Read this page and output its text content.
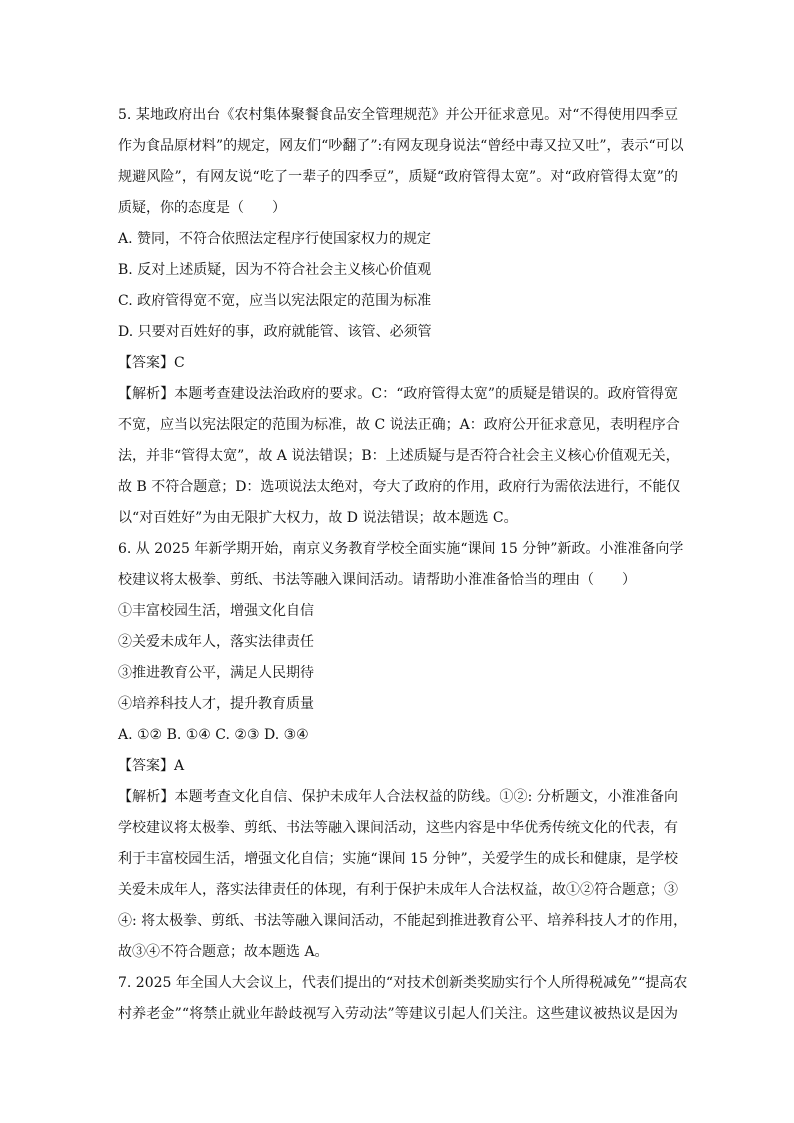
5. 某地政府出台《农村集体聚餐食品安全管理规范》并公开征求意见。对“不得使用四季豆
作为食品原材料”的规定，网友们“吵翻了”:有网友现身说法“曾经中毒又拉又吐”，表示“可以
规避风险”，有网友说“吃了一辈子的四季豆”，质疑“政府管得太宽”。对“政府管得太宽”的
质疑，你的态度是（　　）
A. 赞同，不符合依照法定程序行使国家权力的规定
B. 反对上述质疑，因为不符合社会主义核心价值观
C. 政府管得宽不宽，应当以宪法限定的范围为标准
D. 只要对百姓好的事，政府就能管、该管、必须管
【答案】C
【解析】本题考查建设法治政府的要求。C：“政府管得太宽”的质疑是错误的。政府管得宽
不宽，应当以宪法限定的范围为标准，故 C 说法正确；A：政府公开征求意见，表明程序合
法，并非“管得太宽”，故 A 说法错误；B：上述质疑与是否符合社会主义核心价值观无关，
故 B 不符合题意；D：选项说法太绝对，夸大了政府的作用，政府行为需依法进行，不能仅
以“对百姓好”为由无限扩大权力，故 D 说法错误；故本题选 C。
6. 从 2025 年新学期开始，南京义务教育学校全面实施“课间 15 分钟”新政。小淮准备向学
校建议将太极拳、剪纸、书法等融入课间活动。请帮助小淮准备恰当的理由（　　）
①丰富校园生活，增强文化自信
②关爱未成年人，落实法律责任
③推进教育公平，满足人民期待
④培养科技人才，提升教育质量
A. ①② B. ①④ C. ②③ D. ③④
【答案】A
【解析】本题考查文化自信、保护未成年人合法权益的防线。①②: 分析题文，小淮准备向
学校建议将太极拳、剪纸、书法等融入课间活动，这些内容是中华优秀传统文化的代表，有
利于丰富校园生活，增强文化自信；实施“课间 15 分钟”，关爱学生的成长和健康，是学校
关爱未成年人，落实法律责任的体现，有利于保护未成年人合法权益，故①②符合题意；③
④: 将太极拳、剪纸、书法等融入课间活动，不能起到推进教育公平、培养科技人才的作用，
故③④不符合题意；故本题选 A。
7. 2025 年全国人大会议上，代表们提出的“对技术创新类奖励实行个人所得税减免”“提高农
村养老金”“将禁止就业年龄歧视写入劳动法”等建议引起人们关注。这些建议被热议是因为
